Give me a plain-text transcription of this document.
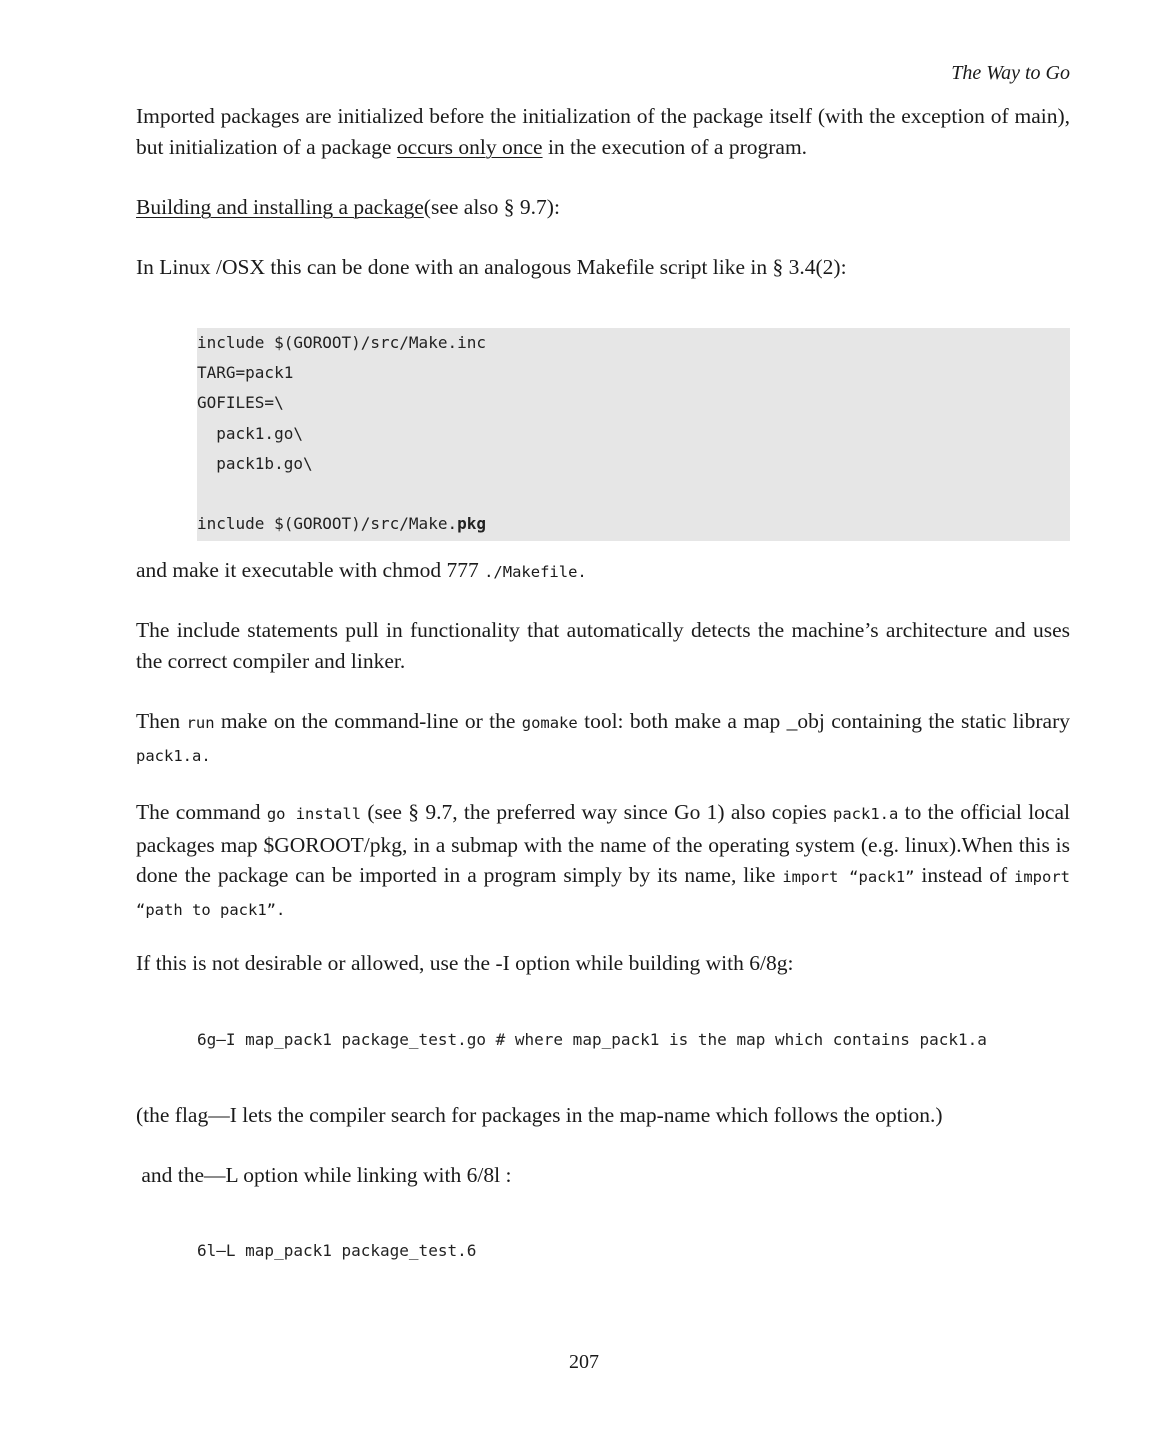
The Way to Go

Imported packages are initialized before the initialization of the package itself (with the exception of main), but initialization of a package occurs only once in the execution of a program.

Building and installing a package(see also § 9.7):

In Linux /OSX this can be done with an analogous Makefile script like in § 3.4(2):

include $(GOROOT)/src/Make.inc
TARG=pack1
GOFILES=\
pack1.go\
pack1b.go\

include $(GOROOT)/src/Make.pkg

and make it executable with chmod 777 ./Makefile.

The include statements pull in functionality that automatically detects the machine’s architecture and uses the correct compiler and linker.

Then run make on the command-line or the gomake tool: both make a map _obj containing the static library pack1.a.

The command go install (see § 9.7, the preferred way since Go 1) also copies pack1.a to the official local packages map $GOROOT/pkg, in a submap with the name of the operating system (e.g. linux).When this is done the package can be imported in a program simply by its name, like import “pack1” instead of import “path to pack1”.

If this is not desirable or allowed, use the -I option while building with 6/8g:

6g–I map_pack1 package_test.go # where map_pack1 is the map which contains pack1.a

(the flag—I lets the compiler search for packages in the map-name which follows the option.)

and the—L option while linking with 6/8l :

6l–L map_pack1 package_test.6
207
